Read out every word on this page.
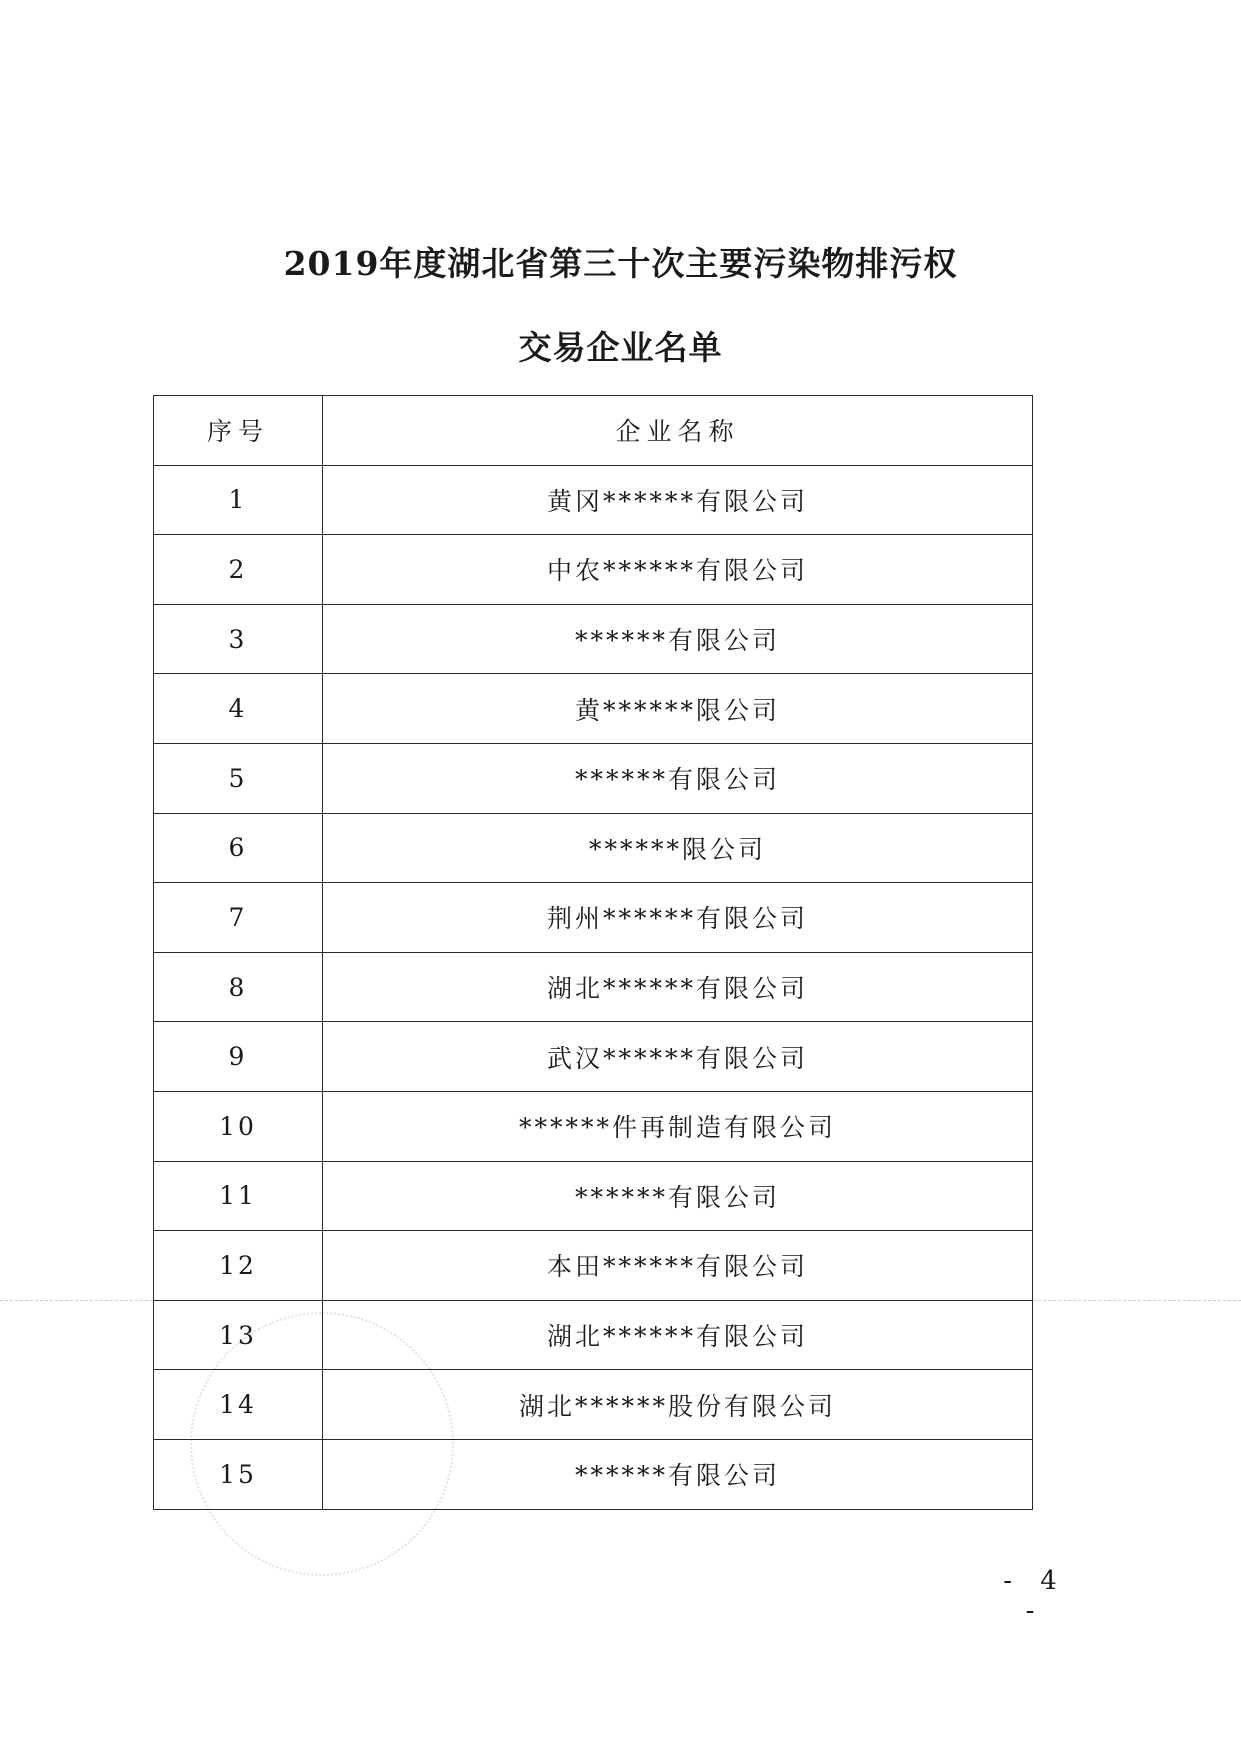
2019年度湖北省第三十次主要污染物排污权
交易企业名单
序号	企业名称
1	黄冈******有限公司
2	中农******有限公司
3	******有限公司
4	黄******限公司
5	******有限公司
6	******限公司
7	荆州******有限公司
8	湖北******有限公司
9	武汉******有限公司
10	******件再制造有限公司
11	******有限公司
12	本田******有限公司
13	湖北******有限公司
14	湖北******股份有限公司
15	******有限公司
- 4 -
